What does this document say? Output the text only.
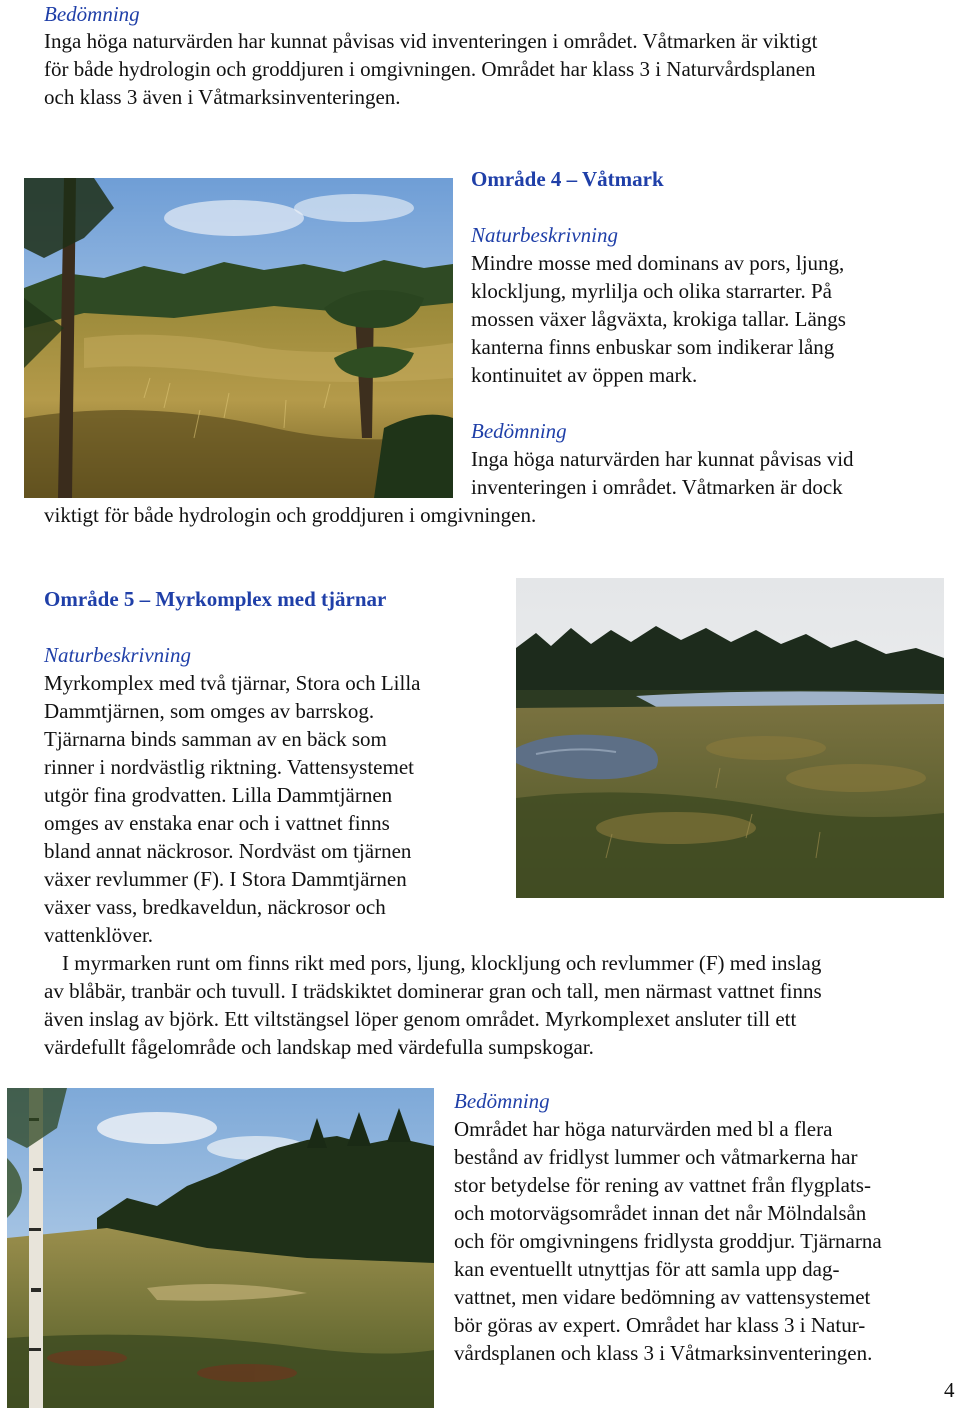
Bedömning
Inga höga naturvärden har kunnat påvisas vid inventeringen i området. Våtmarken är viktigt
för både hydrologin och groddjuren i omgivningen. Området har klass 3 i Naturvårdsplanen
och klass 3 även i Våtmarksinventeringen.
Område 4 – Våtmark
Naturbeskrivning
Mindre mosse med dominans av pors, ljung,
klockljung, myrlilja och olika starrarter. På
mossen växer lågväxta, krokiga tallar. Längs
kanterna finns enbuskar som indikerar lång
kontinuitet av öppen mark.
Bedömning
Inga höga naturvärden har kunnat påvisas vid
inventeringen i området. Våtmarken är dock
viktigt för både hydrologin och groddjuren i omgivningen.
Område 5 – Myrkomplex med tjärnar
Naturbeskrivning
Myrkomplex med två tjärnar, Stora och Lilla
Dammtjärnen, som omges av barrskog.
Tjärnarna binds samman av en bäck som
rinner i nordvästlig riktning. Vattensystemet
utgör fina grodvatten. Lilla Dammtjärnen
omges av enstaka enar och i vattnet finns
bland annat näckrosor. Nordväst om tjärnen
växer revlummer (F). I Stora Dammtjärnen
växer vass, bredkaveldun, näckrosor och
vattenklöver.
I myrmarken runt om finns rikt med pors, ljung, klockljung och revlummer (F) med inslag
av blåbär, tranbär och tuvull. I trädskiktet dominerar gran och tall, men närmast vattnet finns
även inslag av björk. Ett viltstängsel löper genom området. Myrkomplexet ansluter till ett
värdefullt fågelområde och landskap med värdefulla sumpskogar.
Bedömning
Området har höga naturvärden med bl a flera
bestånd av fridlyst lummer och våtmarkerna har
stor betydelse för rening av vattnet från flygplats-
och motorvägsområdet innan det når Mölndalsån
och för omgivningens fridlysta groddjur. Tjärnarna
kan eventuellt utnyttjas för att samla upp dag-
vattnet, men vidare bedömning av vattensystemet
bör göras av expert. Området har klass 3 i Natur-
vårdsplanen och klass 3 i Våtmarksinventeringen.
4
